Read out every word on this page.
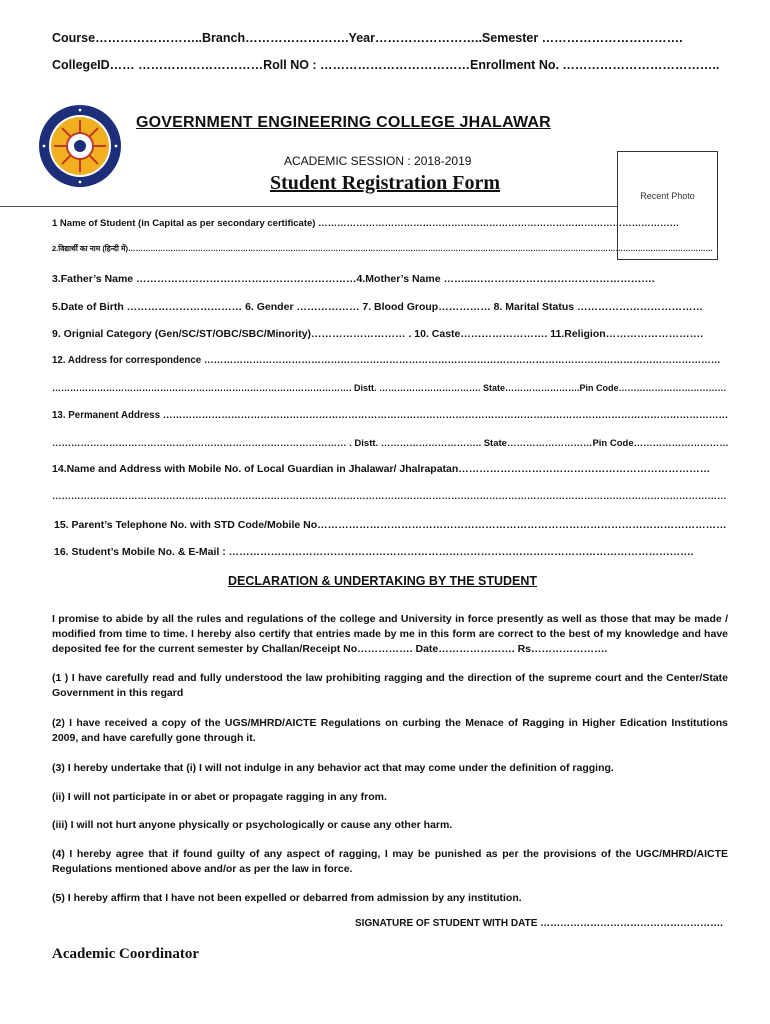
Course……………………..Branch…………………….Year……………………..Semester …………………………….
CollegeID…… …………………………Roll NO : ………………………………Enrollment No. ………………………………..
GOVERNMENT ENGINEERING COLLEGE JHALAWAR
ACADEMIC SESSION : 2018-2019
Student Registration Form
Recent Photo
1 Name of Student (in Capital as per secondary certificate) ……………………………………………………………………………………………………
2.विद्यार्थी का नाम (हिन्दी में)………………………………………………………………………………………………………………………………………………………………………………………………………………
3.Father’s Name ………………………………………………………4.Mother’s Name ……...…………………………………………….
5.Date of Birth …………………………… 6. Gender ……………… 7. Blood Group…………… 8. Marital Status ………………………………
9. Orignial Category (Gen/SC/ST/OBC/SBC/Minority)……………………… . 10. Caste……………………. 11.Religion……………………….
12. Address for correspondence ……………………………………………………………………………………………………………………………………………
………………………………………………………………………………………. Distt. ……………………………. State…………………….Pin Code………………………………
13. Permanent Address …………………………………………………………………………………………………………………………………………………………
………………………………………………………………………………… . Distt. ………………………….. State………………………Pin Code…………………………
14.Name and Address with Mobile No. of Local Guardian in Jhalawar/ Jhalrapatan………………………………………………………………
……………………………………………………………………………………………………………………………………………………………………………………………
15. Parent’s Telephone No. with STD Code/Mobile No………………………………………………………………………………………………………
16. Student’s Mobile No. & E-Mail : …………………………………………………………………………………………………………………….
DECLARATION & UNDERTAKING BY THE STUDENT
I promise to abide by all the rules and regulations of the college and University in force presently as well as those that may be made / modified from time to time. I hereby also certify that entries made by me in this form are correct to the best of my knowledge and have deposited fee for the current semester by Challan/Receipt No……………. Date…………………. Rs………………….
(1 ) I have carefully read and fully understood the law prohibiting ragging and the direction of the supreme court and the Center/State Government in this regard
(2) I have received a copy of the UGS/MHRD/AICTE Regulations on curbing the Menace of Ragging in Higher Edication Institutions 2009, and have carefully gone through it.
(3) I hereby undertake that (i) I will not indulge in any behavior act that may come under the definition of ragging.
(ii) I will not participate in or abet or propagate ragging in any from.
(iii) I will not hurt anyone physically or psychologically or cause any other harm.
(4) I hereby agree that if found guilty of any aspect of ragging, I may be punished as per the provisions of the UGC/MHRD/AICTE Regulations mentioned above and/or as per the law in force.
(5) I hereby affirm that I have not been expelled or debarred from admission by any institution.
SIGNATURE OF STUDENT WITH DATE ……………………………………………….
Academic Coordinator
